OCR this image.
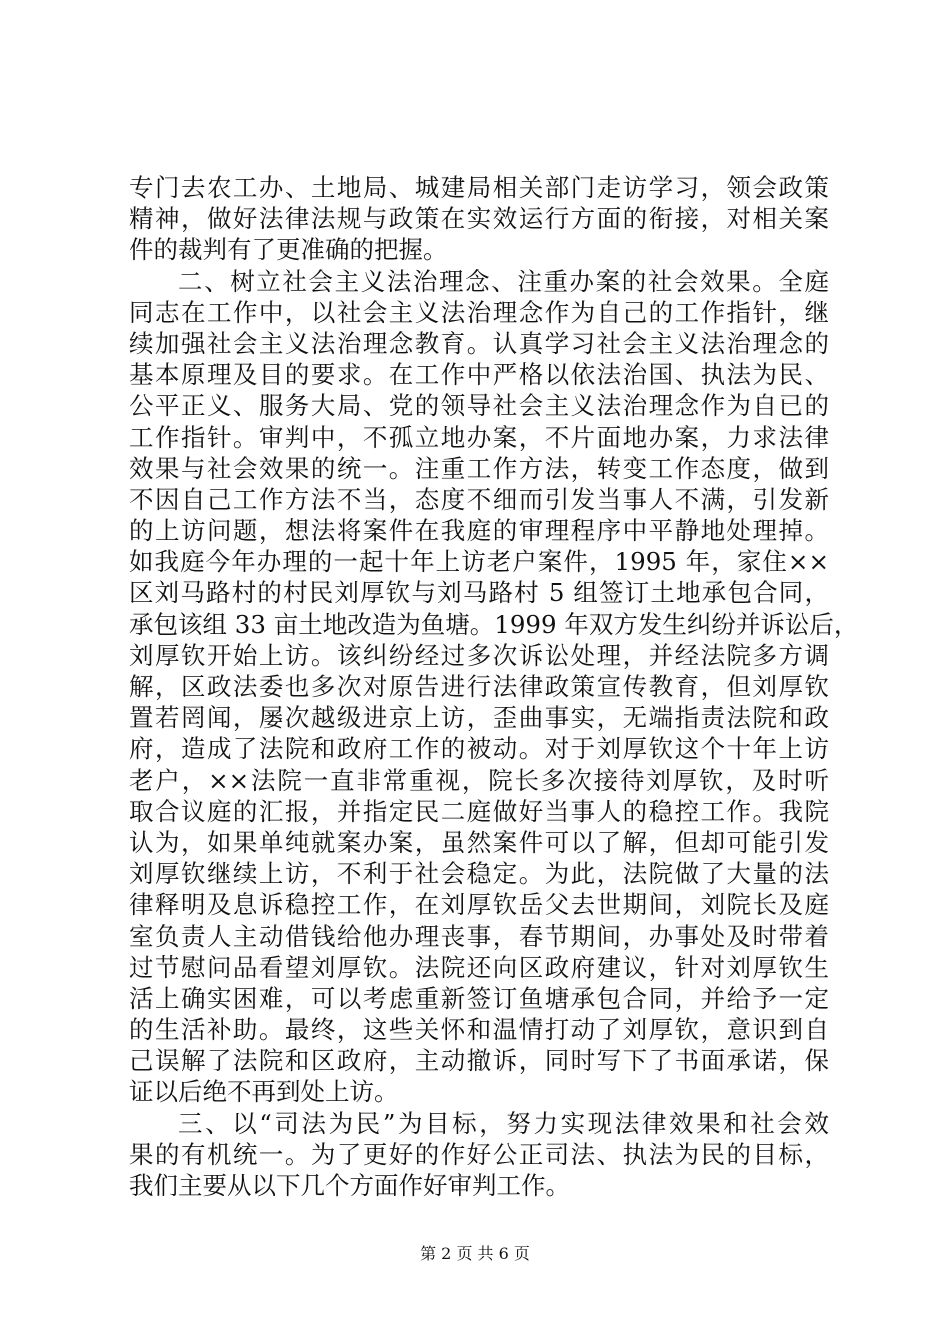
专门去农工办、土地局、城建局相关部门走访学习，领会政策
精神，做好法律法规与政策在实效运行方面的衔接，对相关案
件的裁判有了更准确的把握。
二、树立社会主义法治理念、注重办案的社会效果。全庭
同志在工作中，以社会主义法治理念作为自己的工作指针，继
续加强社会主义法治理念教育。认真学习社会主义法治理念的
基本原理及目的要求。在工作中严格以依法治国、执法为民、
公平正义、服务大局、党的领导社会主义法治理念作为自已的
工作指针。审判中，不孤立地办案，不片面地办案，力求法律
效果与社会效果的统一。注重工作方法，转变工作态度，做到
不因自己工作方法不当，态度不细而引发当事人不满，引发新
的上访问题，想法将案件在我庭的审理程序中平静地处理掉。
如我庭今年办理的一起十年上访老户案件，1995 年，家住××
区刘马路村的村民刘厚钦与刘马路村 5 组签订土地承包合同，
承包该组 33 亩土地改造为鱼塘。1999 年双方发生纠纷并诉讼后，
刘厚钦开始上访。该纠纷经过多次诉讼处理，并经法院多方调
解，区政法委也多次对原告进行法律政策宣传教育，但刘厚钦
置若罔闻，屡次越级进京上访，歪曲事实，无端指责法院和政
府，造成了法院和政府工作的被动。对于刘厚钦这个十年上访
老户，××法院一直非常重视，院长多次接待刘厚钦，及时听
取合议庭的汇报，并指定民二庭做好当事人的稳控工作。我院
认为，如果单纯就案办案，虽然案件可以了解，但却可能引发
刘厚钦继续上访，不利于社会稳定。为此，法院做了大量的法
律释明及息诉稳控工作，在刘厚钦岳父去世期间，刘院长及庭
室负责人主动借钱给他办理丧事，春节期间，办事处及时带着
过节慰问品看望刘厚钦。法院还向区政府建议，针对刘厚钦生
活上确实困难，可以考虑重新签订鱼塘承包合同，并给予一定
的生活补助。最终，这些关怀和温情打动了刘厚钦，意识到自
己误解了法院和区政府，主动撤诉，同时写下了书面承诺，保
证以后绝不再到处上访。
三、以“司法为民”为目标，努力实现法律效果和社会效
果的有机统一。为了更好的作好公正司法、执法为民的目标，
我们主要从以下几个方面作好审判工作。
第 2 页 共 6 页
